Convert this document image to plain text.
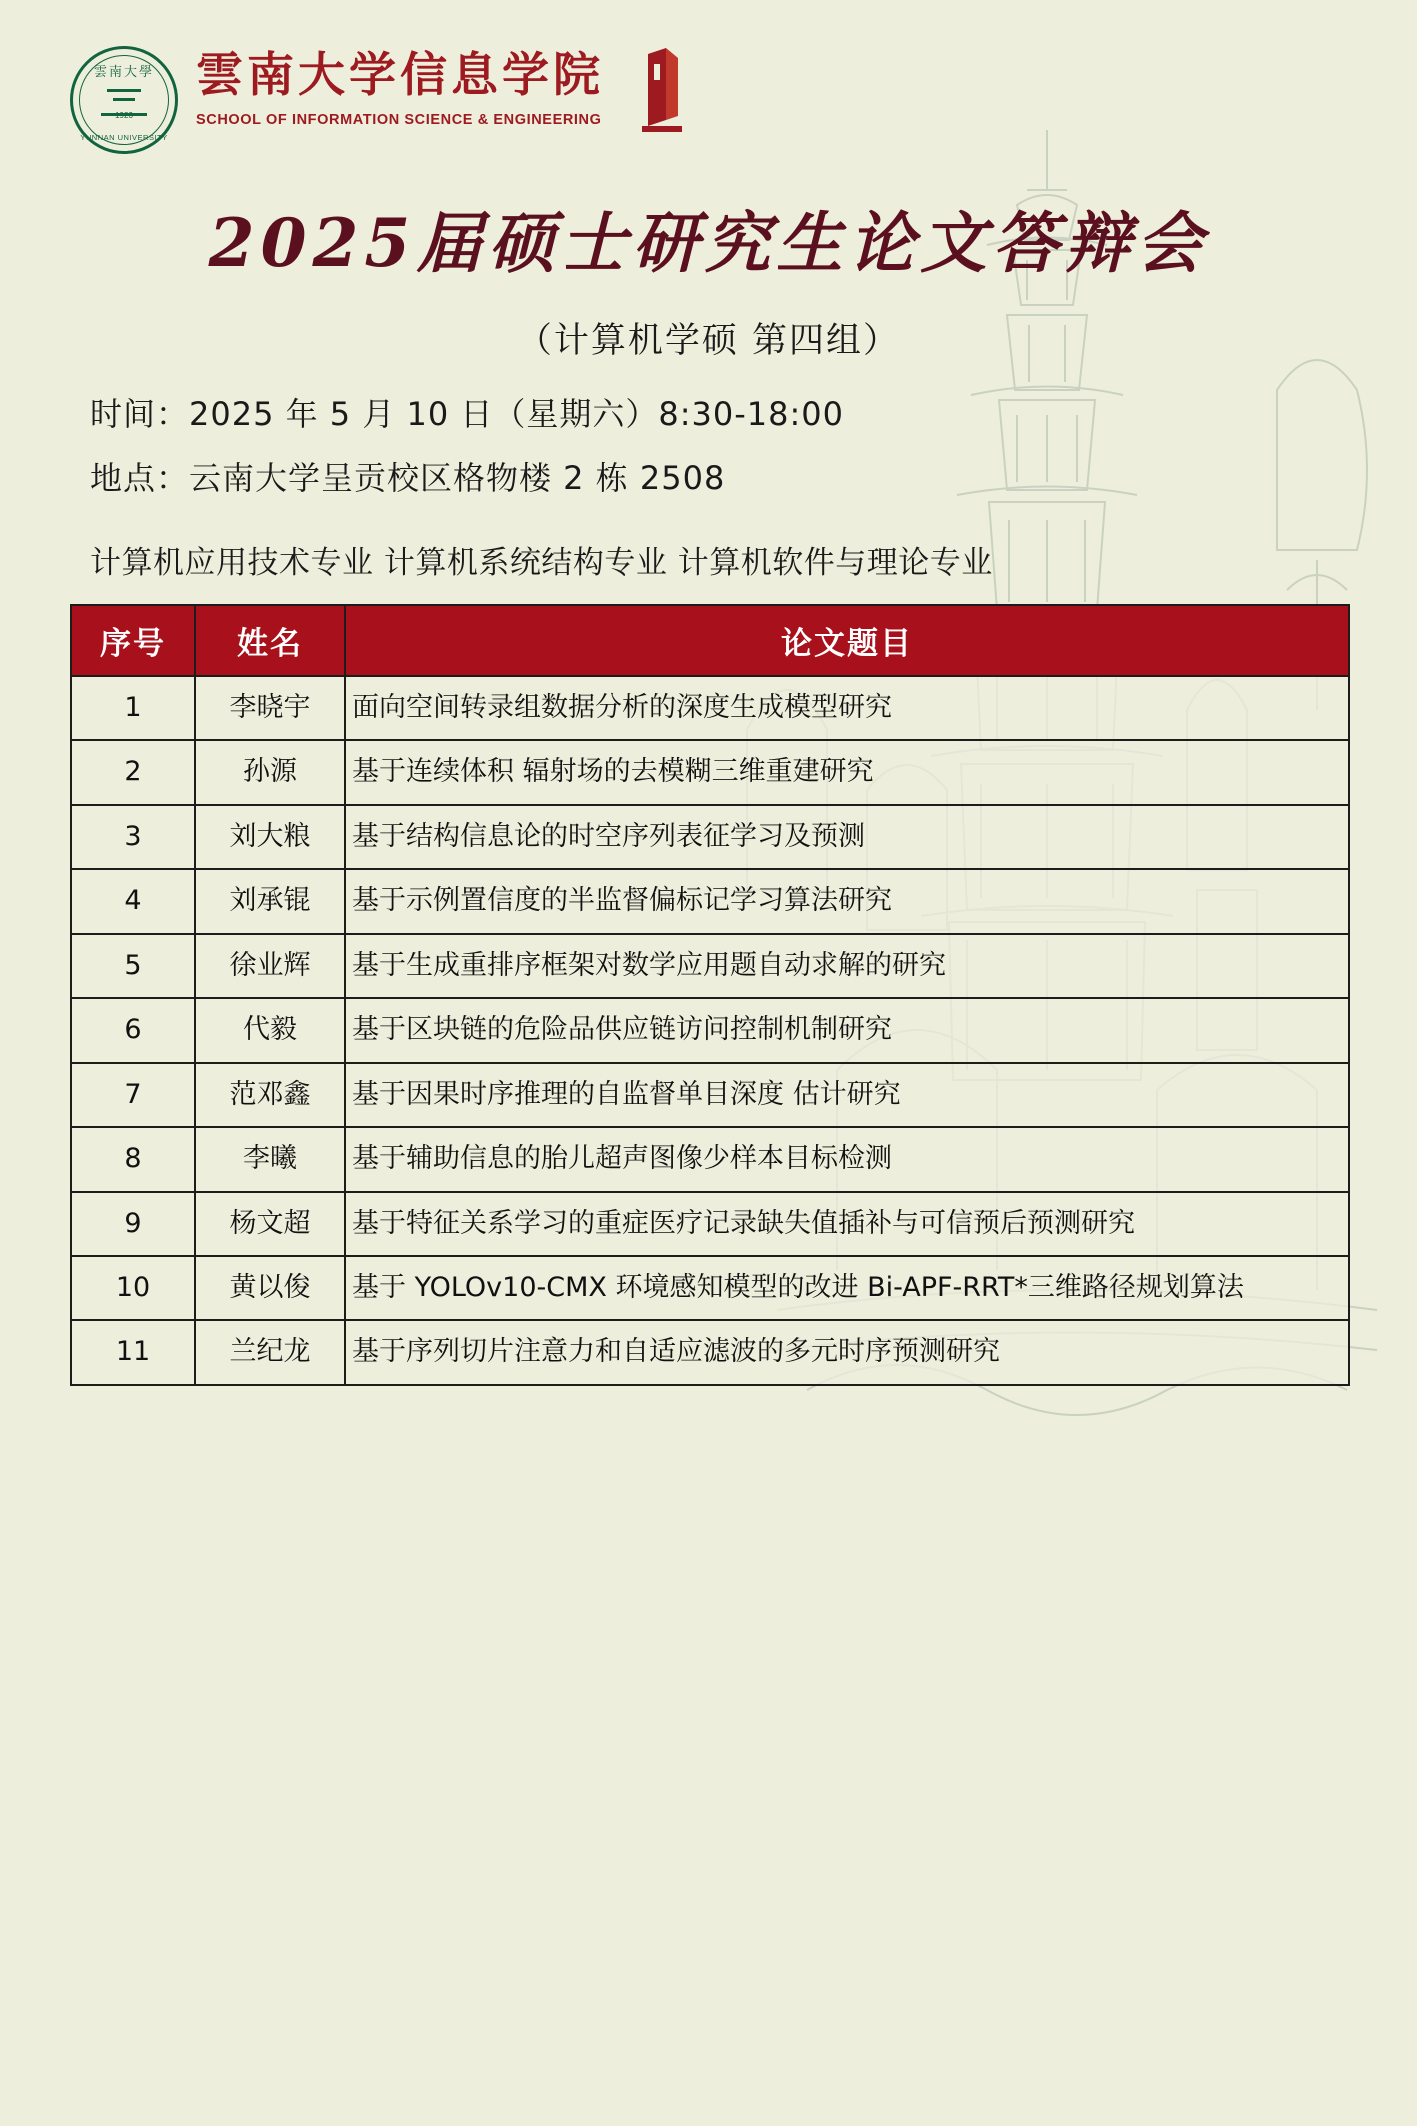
雲南大學
1923
YUNNAN UNIVERSITY
雲南大学信息学院
SCHOOL OF INFORMATION SCIENCE & ENGINEERING
2025届硕士研究生论文答辩会
（计算机学硕 第四组）
时间：2025 年 5 月 10 日（星期六）8:30-18:00
地点：云南大学呈贡校区格物楼 2 栋 2508
计算机应用技术专业 计算机系统结构专业 计算机软件与理论专业
序号	姓名	论文题目
1	李晓宇	面向空间转录组数据分析的深度生成模型研究
2	孙源	基于连续体积 辐射场的去模糊三维重建研究
3	刘大粮	基于结构信息论的时空序列表征学习及预测
4	刘承锟	基于示例置信度的半监督偏标记学习算法研究
5	徐业辉	基于生成重排序框架对数学应用题自动求解的研究
6	代毅	基于区块链的危险品供应链访问控制机制研究
7	范邓鑫	基于因果时序推理的自监督单目深度 估计研究
8	李曦	基于辅助信息的胎儿超声图像少样本目标检测
9	杨文超	基于特征关系学习的重症医疗记录缺失值插补与可信预后预测研究
10	黄以俊	基于 YOLOv10-CMX 环境感知模型的改进 Bi-APF-RRT*三维路径规划算法
11	兰纪龙	基于序列切片注意力和自适应滤波的多元时序预测研究
